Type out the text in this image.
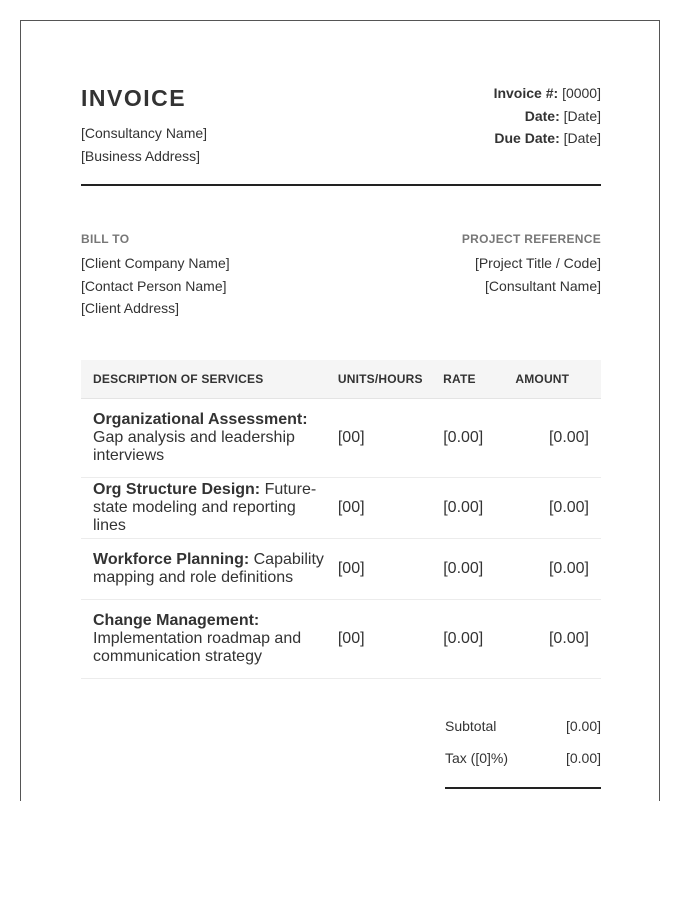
INVOICE
[Consultancy Name]
[Business Address]
Invoice #: [0000]
Date: [Date]
Due Date: [Date]
BILL TO
[Client Company Name]
[Contact Person Name]
[Client Address]
PROJECT REFERENCE
[Project Title / Code]
[Consultant Name]
DESCRIPTION OF SERVICES	UNITS/HOURS	RATE	AMOUNT
Organizational Assessment:
Gap analysis and leadership interviews	[00]	[0.00]	[0.00]
Org Structure Design: Future-state modeling and reporting lines	[00]	[0.00]	[0.00]
Workforce Planning: Capability mapping and role definitions	[00]	[0.00]	[0.00]
Change Management:
Implementation roadmap and communication strategy	[00]	[0.00]	[0.00]
Subtotal	[0.00]
Tax ([0]%)	[0.00]
